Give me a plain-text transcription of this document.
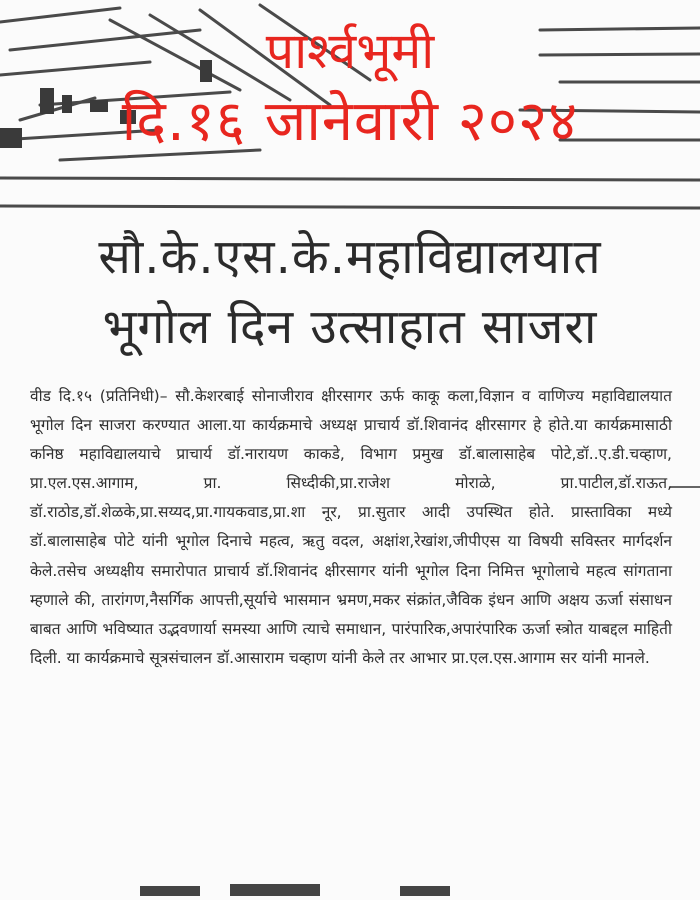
पार्श्वभूमी
दि.१६ जानेवारी २०२४
सौ.के.एस.के.महाविद्यालयात
भूगोल दिन उत्साहात साजरा

वीड दि.१५ (प्रतिनिधी)– सौ.केशरबाई सोनाजीराव क्षीरसागर ऊर्फ काकू कला,विज्ञान व वाणिज्य महाविद्यालयात भूगोल दिन साजरा करण्यात आला.या कार्यक्रमाचे अध्यक्ष प्राचार्य डॉ.शिवानंद क्षीरसागर हे होते.या कार्यक्रमासाठी कनिष्ठ महाविद्यालयाचे प्राचार्य डॉ.नारायण काकडे, विभाग प्रमुख डॉ.बालासाहेब पोटे,डॉ..ए.डी.चव्हाण, प्रा.एल.एस.आगाम, प्रा. सिध्दीकी,प्रा.राजेश मोराळे, प्रा.पाटील,डॉ.राऊत, डॉ.राठोड,डॉ.शेळके,प्रा.सय्यद,प्रा.गायकवाड,प्रा.शा नूर, प्रा.सुतार आदी उपस्थित होते. प्रास्ताविका मध्ये डॉ.बालासाहेब पोटे यांनी भूगोल दिनाचे महत्व, ऋतु वदल, अक्षांश,रेखांश,जीपीएस या विषयी सविस्तर मार्गदर्शन केले.तसेच अध्यक्षीय समारोपात प्राचार्य डॉ.शिवानंद क्षीरसागर यांनी भूगोल दिना निमित्त भूगोलाचे महत्व सांगताना म्हणाले की, तारांगण,नैसर्गिक आपत्ती,सूर्याचे भासमान भ्रमण,मकर संक्रांत,जैविक इंधन आणि अक्षय ऊर्जा संसाधन बाबत आणि भविष्यात उद्भवणार्या समस्या आणि त्याचे समाधान, पारंपारिक,अपारंपारिक ऊर्जा स्त्रोत याबद्दल माहिती दिली. या कार्यक्रमाचे सूत्रसंचालन डॉ.आसाराम चव्हाण यांनी केले तर आभार प्रा.एल.एस.आगाम सर यांनी मानले.
